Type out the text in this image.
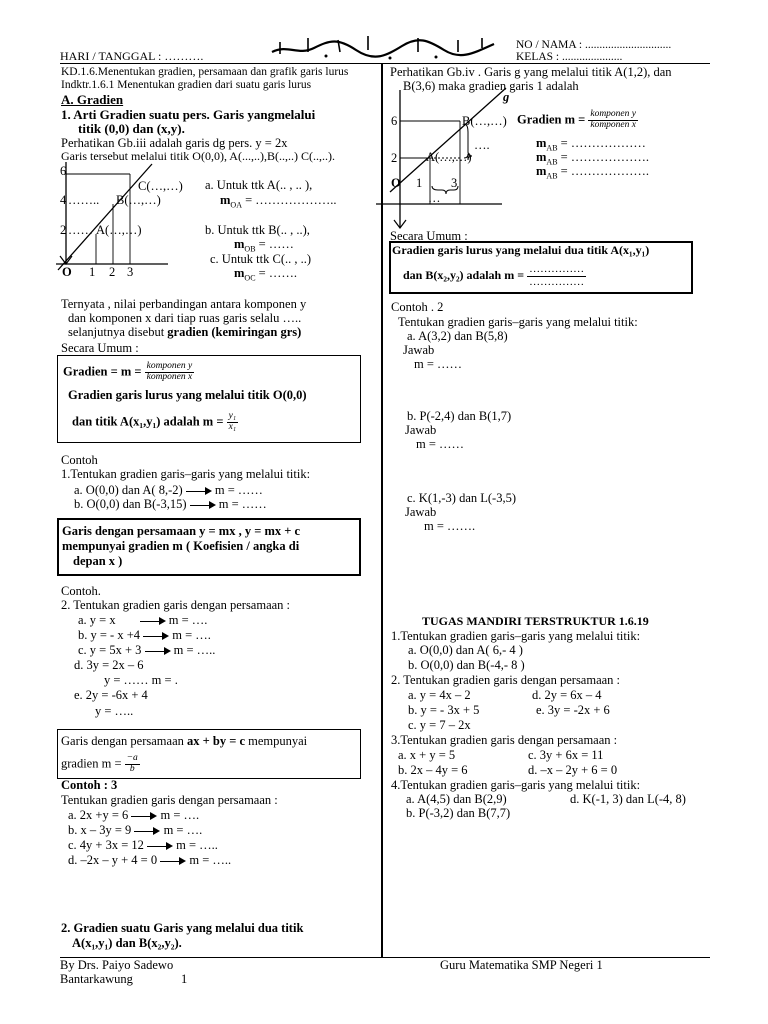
HARI / TANGGAL : ……….
NO / NAMA : ..............................
KELAS : .....................
KD.1.6.Menentukan gradien, persamaan dan grafik garis lurus
Indktr.1.6.1 Menentukan gradien dari suatu garis lurus
A. Gradien
1. Arti Gradien suatu pers. Garis yangmelalui
titik (0,0) dan (x,y).
Perhatikan Gb.iii adalah garis dg pers. y = 2x
Garis tersebut melalui titik O(0,0), A(...,..),B(..,..) C(..,..).
6
4 …….. B(…,…)
2 …… A(…,…)
C(…,…)
O 1 2 3
a. Untuk ttk A(.. , .. ),
$m_{OA}$ = ………………..
b. Untuk ttk B(.. , ..),
$m_{OB}$ = ……
c. Untuk ttk C(.. , ..)
$m_{OC}$ = …….
Ternyata , nilai perbandingan antara komponen y
dan komponen x dari tiap ruas garis selalu …..
selanjutnya disebut gradien (kemiringan grs)
Secara Umum :
Gradien = $m = \frac{\text{komponen y}}{\text{komponen x}}$
Gradien garis lurus yang melalui titik O(0,0)
dan titik A(x₁,y₁) adalah $m = \frac{\text{y₁}}{\text{x₁}}$
Contoh
1.Tentukan gradien garis–garis yang melalui titik:
a. O(0,0) dan A( 8,-2)	m = ……
b. O(0,0) dan B(-3,15)	m = ……
Garis dengan persamaan y = mx , y = mx + c
mempunyai gradien m ( Koefisien / angka di
depan x )
Contoh.
2. Tentukan gradien garis dengan persamaan :
a. y = x	m = ….
b. y = - x +4	m = ….
c. y = 5x + 3	m = …..
d. 3y = 2x – 6
y = …… m = .
e. 2y = -6x + 4
y = …..
Garis dengan persamaan ax + by = c mempunyai
gradien $m = \frac{-a}{b}$
Contoh : 3
Tentukan gradien garis dengan persamaan :
a. 2x +y = 6	m = ….
b. x – 3y = 9	m = ….
c. 4y + 3x = 12	m = …..
d. –2x – y + 4 = 0	m = …..
2. Gradien suatu Garis yang melalui dua titik
A(x₁,y₁) dan B(x₂,y₂).
Perhatikan Gb.iv . Garis g yang melalui titik A(1,2), dan
B(3,6) maka gradien garis 1 adalah
g
6	B(…,…)
….
2 A(…,…)
O 1 3
…
Gradien $m = \frac{\text{komponen y}}{\text{komponen x}}$
$m_{AB}$ = ………………
$m_{AB}$ = ……………….
$m_{AB}$ = ……………….
Secara Umum :
Gradien garis lurus yang melalui dua titik A(x₁,y₁)
dan B(x₂,y₂) adalah $m = \frac{\dots\dots\dots\dots\dots}{\dots\dots\dots\dots\dots}$
Contoh . 2
Tentukan gradien garis–garis yang melalui titik:
a. A(3,2) dan B(5,8)
Jawab
m = ……
b. P(-2,4) dan B(1,7)
Jawab
m = ……
c. K(1,-3) dan L(-3,5)
Jawab
m = …….
TUGAS MANDIRI TERSTRUKTUR 1.6.19
1.Tentukan gradien garis–garis yang melalui titik:
a. O(0,0) dan A( 6,- 4 )
b. O(0,0) dan B(-4,- 8 )
2. Tentukan gradien garis dengan persamaan :
a. y = 4x – 2	d. 2y = 6x – 4
b. y = - 3x + 5	e. 3y = -2x + 6
c. y = 7 – 2x
3.Tentukan gradien garis dengan persamaan :
a. x + y = 5	c. 3y + 6x = 11
b. 2x – 4y = 6	d. –x – 2y + 6 = 0
4.Tentukan gradien garis–garis yang melalui titik:
a. A(4,5) dan B(2,9)	d. K(-1, 3) dan L(-4, 8)
b. P(-3,2) dan B(7,7)
By Drs. Paiyo Sadewo	Guru Matematika SMP Negeri 1
Bantarkawung	1
